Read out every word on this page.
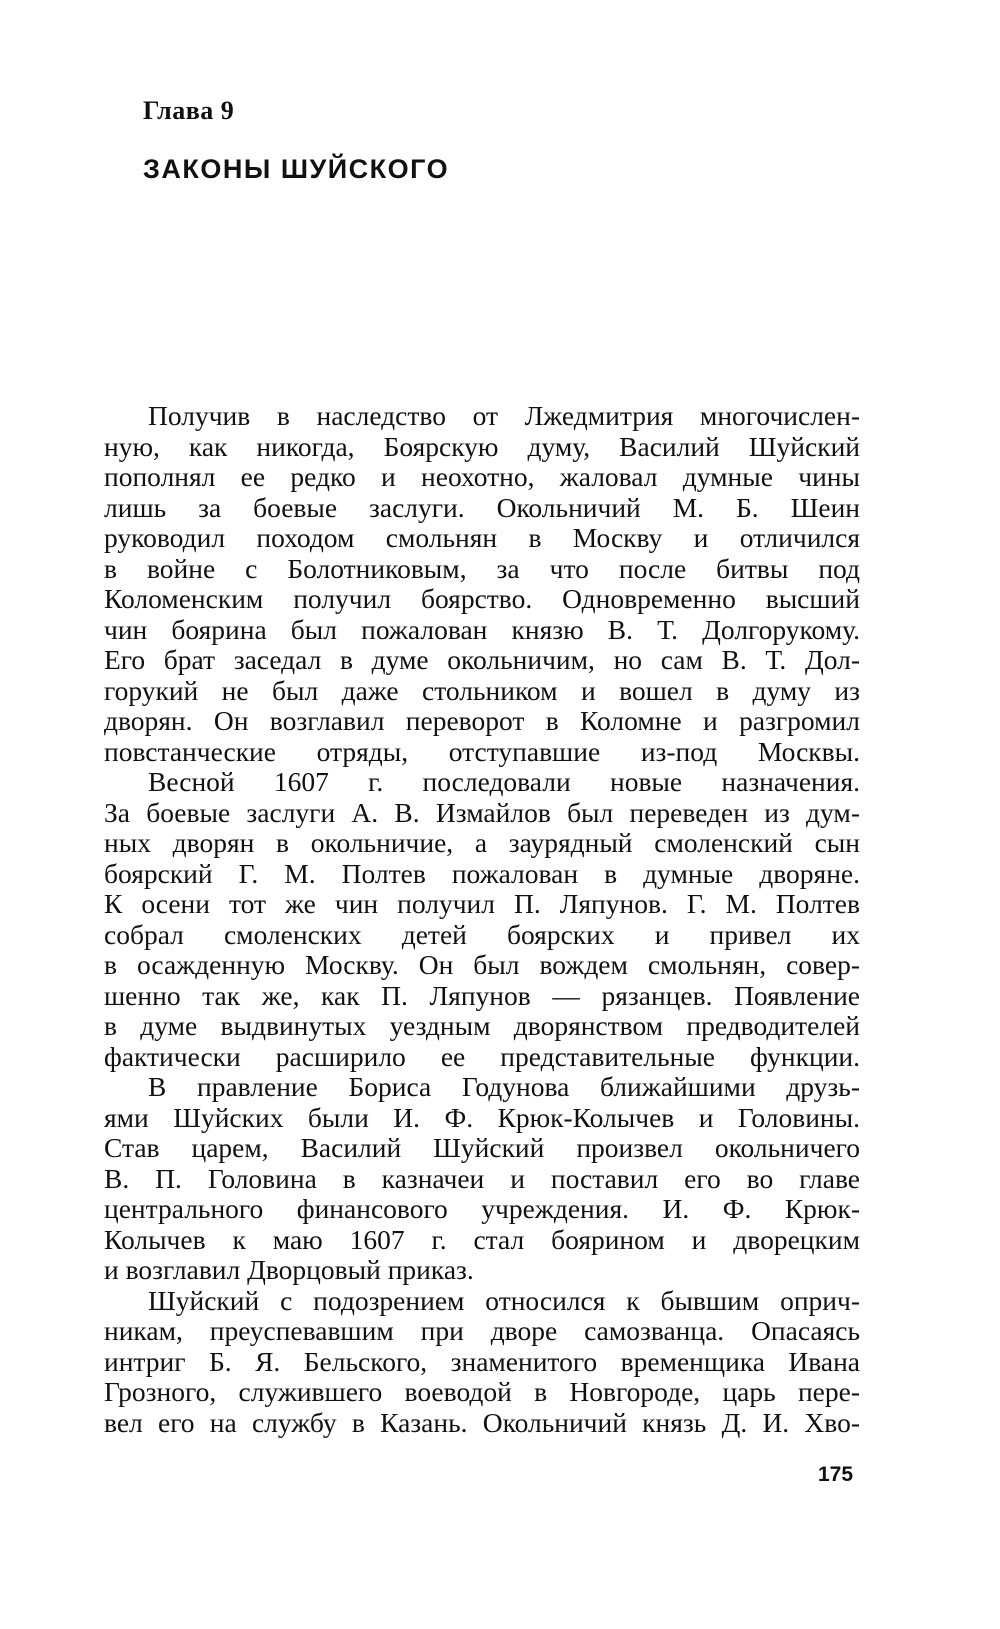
Глава 9
ЗАКОНЫ ШУЙСКОГО

Получив в наследство от Лжедмитрия многочислен-
ную, как никогда, Боярскую думу, Василий Шуйский
пополнял ее редко и неохотно, жаловал думные чины
лишь за боевые заслуги. Окольничий М. Б. Шеин
руководил походом смольнян в Москву и отличился
в войне с Болотниковым, за что после битвы под
Коломенским получил боярство. Одновременно высший
чин боярина был пожалован князю В. Т. Долгорукому.
Его брат заседал в думе окольничим, но сам В. Т. Дол-
горукий не был даже стольником и вошел в думу из
дворян. Он возглавил переворот в Коломне и разгромил
повстанческие отряды, отступавшие из-под Москвы.

Весной 1607 г. последовали новые назначения.
За боевые заслуги А. В. Измайлов был переведен из дум-
ных дворян в окольничие, а заурядный смоленский сын
боярский Г. М. Полтев пожалован в думные дворяне.
К осени тот же чин получил П. Ляпунов. Г. М. Полтев
собрал смоленских детей боярских и привел их
в осажденную Москву. Он был вождем смольнян, совер-
шенно так же, как П. Ляпунов — рязанцев. Появление
в думе выдвинутых уездным дворянством предводителей
фактически расширило ее представительные функции.

В правление Бориса Годунова ближайшими друзь-
ями Шуйских были И. Ф. Крюк-Колычев и Головины.
Став царем, Василий Шуйский произвел окольничего
В. П. Головина в казначеи и поставил его во главе
центрального финансового учреждения. И. Ф. Крюк-
Колычев к маю 1607 г. стал боярином и дворецким
и возглавил Дворцовый приказ.

Шуйский с подозрением относился к бывшим оприч-
никам, преуспевавшим при дворе самозванца. Опасаясь
интриг Б. Я. Бельского, знаменитого временщика Ивана
Грозного, служившего воеводой в Новгороде, царь пере-
вел его на службу в Казань. Окольничий князь Д. И. Хво-

175
